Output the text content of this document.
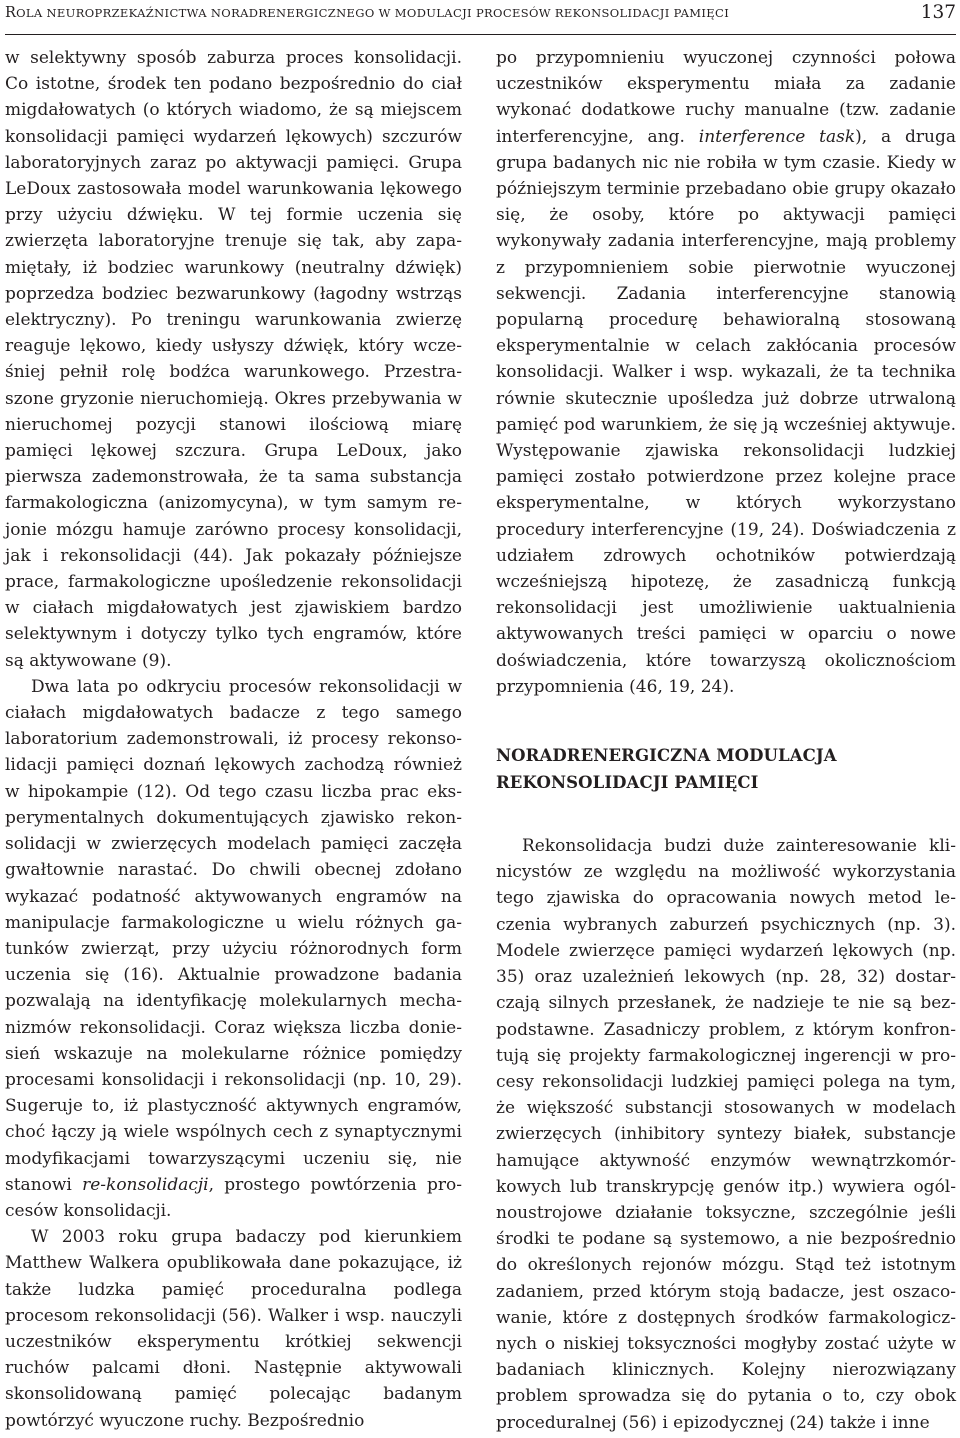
ROLA NEUROPRZEKAŹNICTWA NORADRENERGICZNEGO W MODULACJI PROCESÓW REKONSOLIDACJI PAMIĘCI	137

w selektywny sposób zaburza proces konsolidacji. Co istotne, środek ten podano bezpośrednio do ciał migdałowatych (o których wiadomo, że są miejscem konsolidacji pamięci wydarzeń lękowych) szczurów laboratoryjnych zaraz po aktywacji pamięci. Grupa LeDoux zastosowała model warunkowania lękowego przy użyciu dźwięku. W tej formie uczenia się zwierzęta laboratoryjne trenuje się tak, aby zapamiętały, iż bodziec warunkowy (neutralny dźwięk) poprzedza bodziec bezwarunkowy (łagodny wstrząs elektryczny). Po treningu warunkowania zwierzę reaguje lękowo, kiedy usłyszy dźwięk, który wcześniej pełnił rolę bodźca warunkowego. Przestraszone gryzonie nieruchomieją. Okres przebywania w nieruchomej pozycji stanowi ilościową miarę pamięci lękowej szczura. Grupa LeDoux, jako pierwsza zademonstrowała, że ta sama substancja farmakologiczna (anizomycyna), w tym samym rejonie mózgu hamuje zarówno procesy konsolidacji, jak i rekonsolidacji (44). Jak pokazały późniejsze prace, farmakologiczne upośledzenie rekonsolidacji w ciałach migdałowatych jest zjawiskiem bardzo selektywnym i dotyczy tylko tych engramów, które są aktywowane (9).

Dwa lata po odkryciu procesów rekonsolidacji w ciałach migdałowatych badacze z tego samego laboratorium zademonstrowali, iż procesy rekonsolidacji pamięci doznań lękowych zachodzą również w hipokampie (12). Od tego czasu liczba prac eksperymentalnych dokumentujących zjawisko rekonsolidacji w zwierzęcych modelach pamięci zaczęła gwałtownie narastać. Do chwili obecnej zdołano wykazać podatność aktywowanych engramów na manipulacje farmakologiczne u wielu różnych gatunków zwierząt, przy użyciu różnorodnych form uczenia się (16). Aktualnie prowadzone badania pozwalają na identyfikację molekularnych mechanizmów rekonsolidacji. Coraz większa liczba doniesień wskazuje na molekularne różnice pomiędzy procesami konsolidacji i rekonsolidacji (np. 10, 29). Sugeruje to, iż plastyczność aktywnych engramów, choć łączy ją wiele wspólnych cech z synaptycznymi modyfikacjami towarzyszącymi uczeniu się, nie stanowi re-konsolidacji, prostego powtórzenia procesów konsolidacji.

W 2003 roku grupa badaczy pod kierunkiem Matthew Walkera opublikowała dane pokazujące, iż także ludzka pamięć proceduralna podlega procesom rekonsolidacji (56). Walker i wsp. nauczyli uczestników eksperymentu krótkiej sekwencji ruchów palcami dłoni. Następnie aktywowali skonsolidowaną pamięć polecając badanym powtórzyć wyuczone ruchy. Bezpośrednio

po przypomnieniu wyuczonej czynności połowa uczestników eksperymentu miała za zadanie wykonać dodatkowe ruchy manualne (tzw. zadanie interferencyjne, ang. interference task), a druga grupa badanych nic nie robiła w tym czasie. Kiedy w późniejszym terminie przebadano obie grupy okazało się, że osoby, które po aktywacji pamięci wykonywały zadania interferencyjne, mają problemy z przypomnieniem sobie pierwotnie wyuczonej sekwencji. Zadania interferencyjne stanowią popularną procedurę behawioralną stosowaną eksperymentalnie w celach zakłócania procesów konsolidacji. Walker i wsp. wykazali, że ta technika równie skutecznie upośledza już dobrze utrwaloną pamięć pod warunkiem, że się ją wcześniej aktywuje. Występowanie zjawiska rekonsolidacji ludzkiej pamięci zostało potwierdzone przez kolejne prace eksperymentalne, w których wykorzystano procedury interferencyjne (19, 24). Doświadczenia z udziałem zdrowych ochotników potwierdzają wcześniejszą hipotezę, że zasadniczą funkcją rekonsolidacji jest umożliwienie uaktualnienia aktywowanych treści pamięci w oparciu o nowe doświadczenia, które towarzyszą okolicznościom przypomnienia (46, 19, 24).

NORADRENERGICZNA MODULACJA
REKONSOLIDACJI PAMIĘCI

Rekonsolidacja budzi duże zainteresowanie klinicystów ze względu na możliwość wykorzystania tego zjawiska do opracowania nowych metod leczenia wybranych zaburzeń psychicznych (np. 3). Modele zwierzęce pamięci wydarzeń lękowych (np. 35) oraz uzależnień lekowych (np. 28, 32) dostarczają silnych przesłanek, że nadzieje te nie są bezpodstawne. Zasadniczy problem, z którym konfrontują się projekty farmakologicznej ingerencji w procesy rekonsolidacji ludzkiej pamięci polega na tym, że większość substancji stosowanych w modelach zwierzęcych (inhibitory syntezy białek, substancje hamujące aktywność enzymów wewnątrzkomórkowych lub transkrypcję genów itp.) wywiera ogólnoustrojowe działanie toksyczne, szczególnie jeśli środki te podane są systemowo, a nie bezpośrednio do określonych rejonów mózgu. Stąd też istotnym zadaniem, przed którym stoją badacze, jest oszacowanie, które z dostępnych środków farmakologicznych o niskiej toksyczności mogłyby zostać użyte w badaniach klinicznych. Kolejny nierozwiązany problem sprowadza się do pytania o to, czy obok proceduralnej (56) i epizodycznej (24) także i inne
